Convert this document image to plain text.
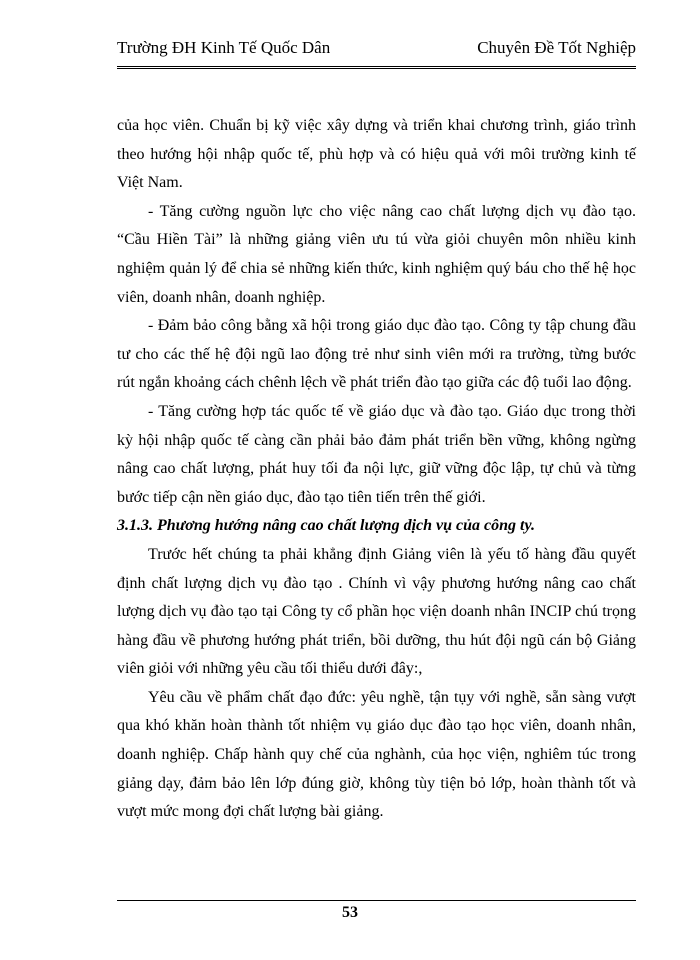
Trường ĐH Kinh Tế Quốc Dân	Chuyên Đề Tốt Nghiệp

của học viên. Chuẩn bị kỹ việc xây dựng và triển khai chương trình, giáo trình theo hướng hội nhập quốc tế, phù hợp và có hiệu quả với môi trường kinh tế Việt Nam.

- Tăng cường nguồn lực cho việc nâng cao chất lượng dịch vụ đào tạo. “Cầu Hiền Tài” là những giảng viên ưu tú vừa giỏi chuyên môn nhiều kinh nghiệm quản lý để chia sẻ những kiến thức, kinh nghiệm quý báu cho thế hệ học viên, doanh nhân, doanh nghiệp.

- Đảm bảo công bằng xã hội trong giáo dục đào tạo. Công ty tập chung đầu tư cho các thế hệ đội ngũ lao động trẻ như sinh viên mới ra trường, từng bước rút ngắn khoảng cách chênh lệch về phát triển đào tạo giữa các độ tuổi lao động.

- Tăng cường hợp tác quốc tế về giáo dục và đào tạo. Giáo dục trong thời kỳ hội nhập quốc tế càng cần phải bảo đảm phát triển bền vững, không ngừng nâng cao chất lượng, phát huy tối đa nội lực, giữ vững độc lập, tự chủ và từng bước tiếp cận nền giáo dục, đào tạo tiên tiến trên thế giới.

3.1.3. Phương hướng nâng cao chất lượng dịch vụ của công ty.

Trước hết chúng ta phải khẳng định Giảng viên là yếu tố hàng đầu quyết định chất lượng dịch vụ đào tạo . Chính vì vậy phương hướng nâng cao chất lượng dịch vụ đào tạo tại Công ty cổ phần học viện doanh nhân INCIP chú trọng hàng đầu về phương hướng phát triển, bồi dưỡng, thu hút đội ngũ cán bộ Giảng viên giỏi với những yêu cầu tối thiểu dưới đây:,

Yêu cầu về phẩm chất đạo đức: yêu nghề, tận tụy với nghề, sẵn sàng vượt qua khó khăn hoàn thành tốt nhiệm vụ giáo dục đào tạo học viên, doanh nhân, doanh nghiệp. Chấp hành quy chế của nghành, của học viện, nghiêm túc trong giảng dạy, đảm bảo lên lớp đúng giờ, không tùy tiện bỏ lớp, hoàn thành tốt và vượt mức mong đợi chất lượng bài giảng.

53
